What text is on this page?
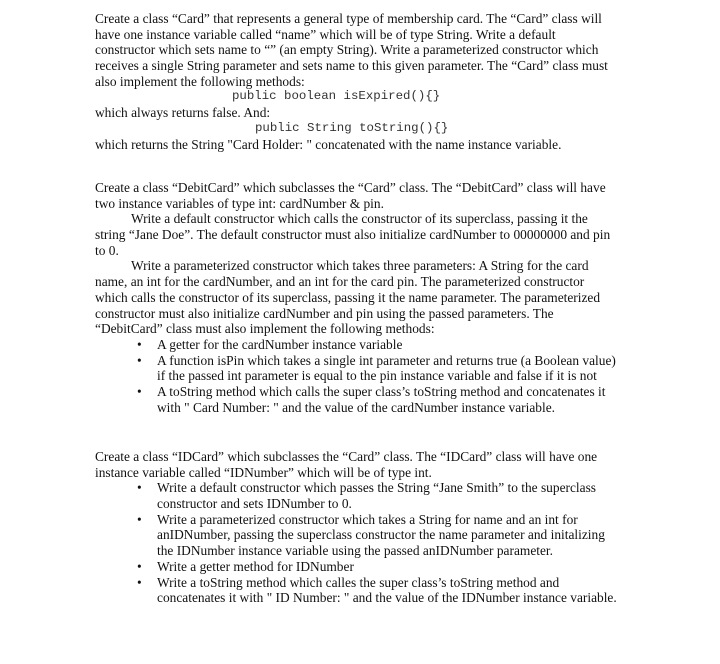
Create a class “Card” that represents a general type of membership card. The “Card” class will
have one instance variable called “name” which will be of type String. Write a default
constructor which sets name to “” (an empty String). Write a parameterized constructor which
receives a single String parameter and sets name to this given parameter. The “Card” class must
also implement the following methods:
public boolean isExpired(){}
which always returns false. And:
public String toString(){}
which returns the String "Card Holder: " concatenated with the name instance variable.
Create a class “DebitCard” which subclasses the “Card” class. The “DebitCard” class will have
two instance variables of type int: cardNumber & pin.
Write a default constructor which calls the constructor of its superclass, passing it the
string “Jane Doe”. The default constructor must also initialize cardNumber to 00000000 and pin
to 0.
Write a parameterized constructor which takes three parameters: A String for the card
name, an int for the cardNumber, and an int for the card pin. The parameterized constructor
which calls the constructor of its superclass, passing it the name parameter. The parameterized
constructor must also initialize cardNumber and pin using the passed parameters. The
“DebitCard” class must also implement the following methods:
• A getter for the cardNumber instance variable
• A function isPin which takes a single int parameter and returns true (a Boolean value)
if the passed int parameter is equal to the pin instance variable and false if it is not
• A toString method which calls the super class’s toString method and concatenates it
with " Card Number: " and the value of the cardNumber instance variable.
Create a class “IDCard” which subclasses the “Card” class. The “IDCard” class will have one
instance variable called “IDNumber” which will be of type int.
• Write a default constructor which passes the String “Jane Smith” to the superclass
constructor and sets IDNumber to 0.
• Write a parameterized constructor which takes a String for name and an int for
anIDNumber, passing the superclass constructor the name parameter and initalizing
the IDNumber instance variable using the passed anIDNumber parameter.
• Write a getter method for IDNumber
• Write a toString method which calles the super class’s toString method and
concatenates it with " ID Number: " and the value of the IDNumber instance variable.
